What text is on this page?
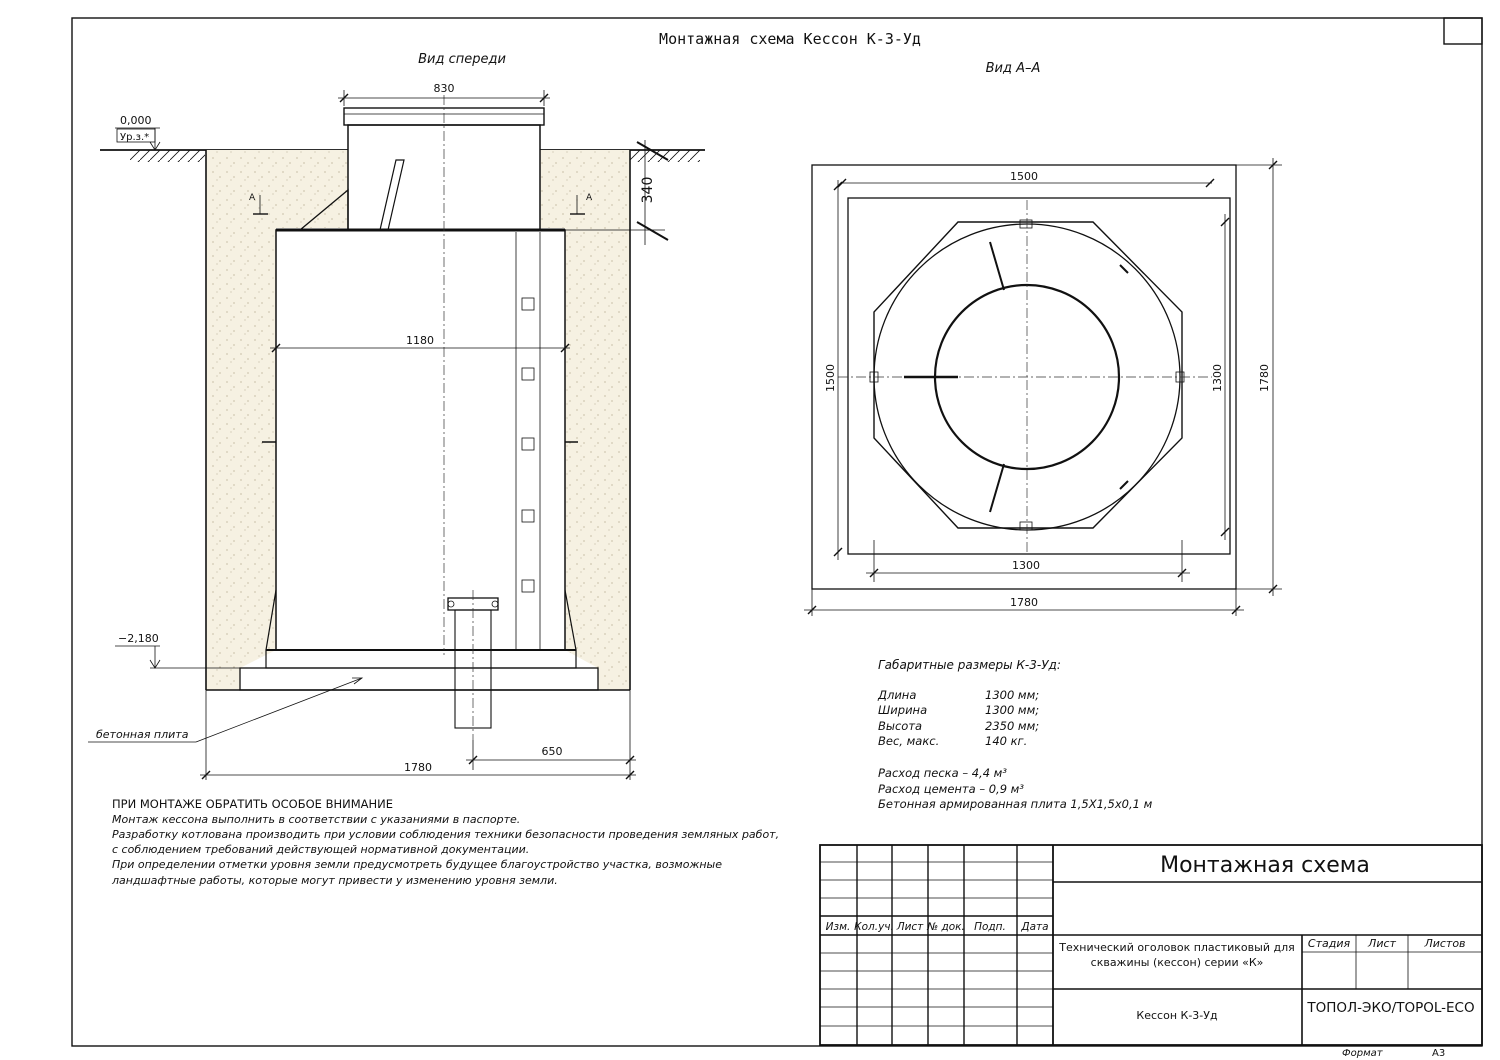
Монтажная схема Кессон К-3-Уд
Вид спереди
830
1180
340
A	A
0,000
Ур.з.*
−2,180
бетонная плита
650
1780
Вид А–А
1500
1500	1300	1780
1300
1780
Габаритные размеры К-3-Уд:
Длина	1300 мм;
Ширина	1300 мм;
Высота	2350 мм;
Вес, макс.	140 кг.
Расход песка – 4,4 м³
Расход цемента – 0,9 м³
Бетонная армированная плита 1,5Х1,5х0,1 м
ПРИ МОНТАЖЕ ОБРАТИТЬ ОСОБОЕ ВНИМАНИЕ
Монтаж кессона выполнить в соответствии с указаниями в паспорте.
Разработку котлована производить при условии соблюдения техники безопасности проведения земляных работ,
с соблюдением требований действующей нормативной документации.
При определении отметки уровня земли предусмотреть будущее благоустройство участка, возможные
ландшафтные работы, которые могут привести у изменению уровня земли.
Монтажная схема
Изм. Кол.уч. Лист № док. Подп. Дата
Технический оголовок пластиковый для
скважины (кессон) серии «К»
Стадия Лист	Листов
Кессон К-3-Уд	ТОПОЛ-ЭКО/TOPOL-ECO
Формат	А3
